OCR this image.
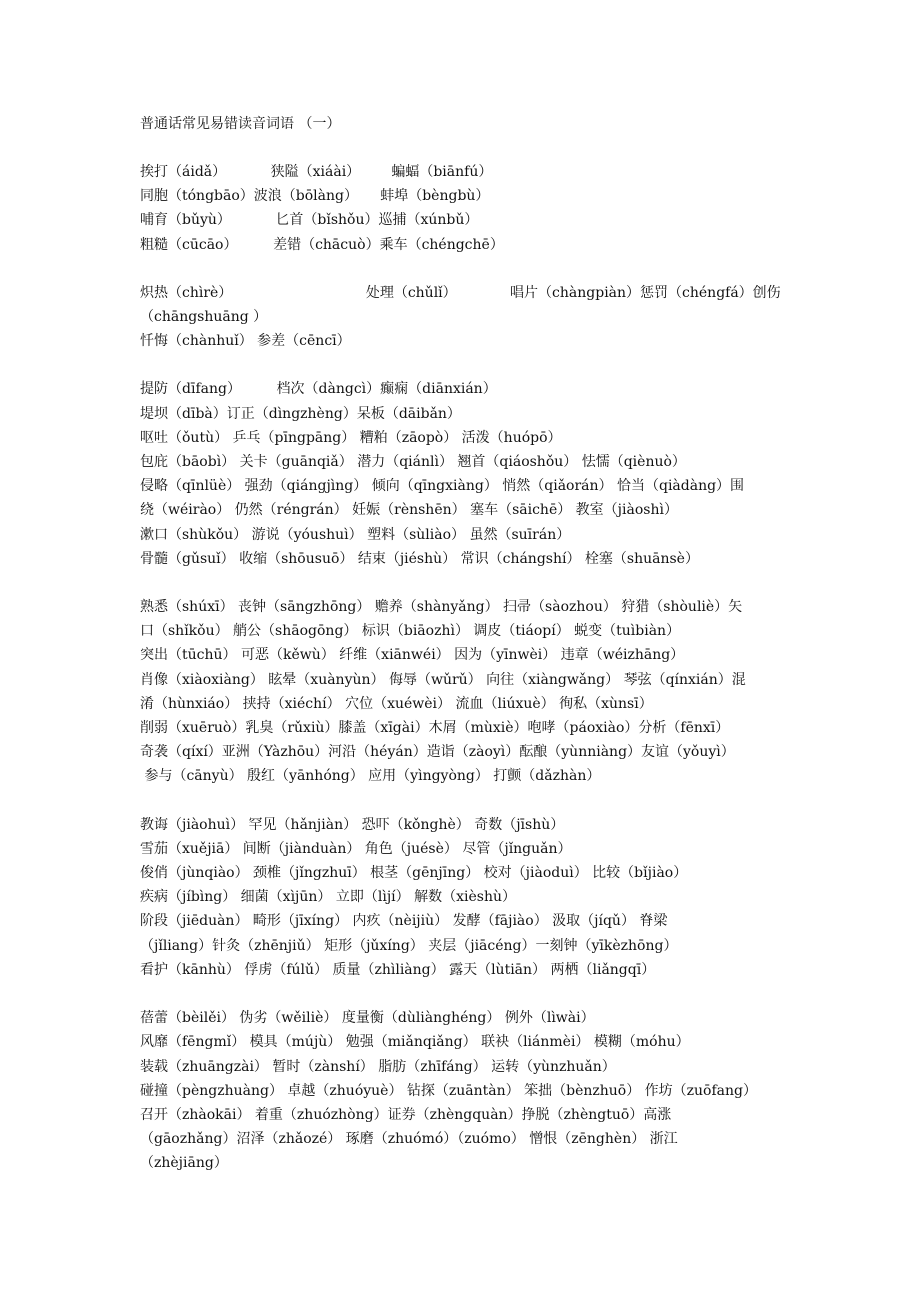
普通话常见易错读音词语 （一）
挨打（áidǎ）          狭隘（xiáài）       蝙蝠（biānfú）
同胞（tóngbāo）波浪（bōlàng）     蚌埠（bèngbù）
哺育（bǔyù）          匕首（bǐshǒu）巡捕（xúnbǔ）
粗糙（cūcāo）        差错（chācuò）乘车（chéngchē）
炽热（chìrè）                              处理（chǔlǐ）            唱片（chàngpiàn）惩罚（chéngfá）创伤
（chāngshuāng ）
忏悔（chànhuǐ） 参差（cēncī）
提防（dīfang）        档次（dàngcì）癫痫（diānxián）
堤坝（dībà）订正（dìngzhèng）呆板（dāibǎn）
呕吐（ǒutù） 乒乓（pīngpāng） 糟粕（zāopò） 活泼（huópō）
包庇（bāobì） 关卡（guānqiǎ） 潜力（qiánlì） 翘首（qiáoshǒu） 怯懦（qiènuò）
侵略（qīnlüè） 强劲（qiángjìng） 倾向（qīngxiàng） 悄然（qiǎorán） 恰当（qiàdàng）围
绕（wéirào） 仍然（réngrán） 妊娠（rènshēn） 塞车（sāichē） 教室（jiàoshì）
漱口（shùkǒu） 游说（yóushuì） 塑料（sùliào） 虽然（suīrán）
骨髓（gǔsuǐ） 收缩（shōusuō） 结束（jiéshù） 常识（chángshí） 栓塞（shuānsè）
熟悉（shúxī） 丧钟（sāngzhōng） 赡养（shànyǎng） 扫帚（sàozhou） 狩猎（shòuliè）矢
口（shǐkǒu） 艄公（shāogōng） 标识（biāozhì） 调皮（tiáopí） 蜕变（tuìbiàn）
突出（tūchū） 可恶（kěwù） 纤维（xiānwéi） 因为（yīnwèi） 违章（wéizhāng）
肖像（xiàoxiàng） 眩晕（xuànyùn） 侮辱（wǔrǔ） 向往（xiàngwǎng） 琴弦（qínxián）混
淆（hùnxiáo） 挟持（xiéchí） 穴位（xuéwèi） 流血（liúxuè） 徇私（xùnsī）
削弱（xuēruò）乳臭（rǔxiù）膝盖（xīgài）木屑（mùxiè）咆哮（páoxiào）分析（fēnxī）
奇袭（qíxí）亚洲（Yàzhōu）河沿（héyán）造诣（zàoyì）酝酿（yùnniàng）友谊（yǒuyì）
参与（cānyù） 殷红（yānhóng） 应用（yìngyòng） 打颤（dǎzhàn）
教诲（jiàohuì） 罕见（hǎnjiàn） 恐吓（kǒnghè） 奇数（jīshù）
雪茄（xuějiā） 间断（jiànduàn） 角色（juésè） 尽管（jǐnguǎn）
俊俏（jùnqiào） 颈椎（jǐngzhuī） 根茎（gēnjīng） 校对（jiàoduì） 比较（bǐjiào）
疾病（jíbìng） 细菌（xìjūn） 立即（lìjí） 解数（xièshù）
阶段（jiēduàn） 畸形（jīxíng） 内疚（nèijiù） 发酵（fājiào） 汲取（jíqǔ） 脊梁
（jǐliang）针灸（zhēnjiǔ） 矩形（jǔxíng） 夹层（jiācéng）一刻钟（yīkèzhōng）
看护（kānhù） 俘虏（fúlǔ） 质量（zhìliàng） 露天（lùtiān） 两栖（liǎngqī）
蓓蕾（bèilěi） 伪劣（wěiliè） 度量衡（dùliànghéng） 例外（lìwài）
风靡（fēngmǐ） 模具（mújù） 勉强（miǎnqiǎng） 联袂（liánmèi） 模糊（móhu）
装载（zhuāngzài） 暂时（zànshí） 脂肪（zhīfáng） 运转（yùnzhuǎn）
碰撞（pèngzhuàng） 卓越（zhuóyuè） 钻探（zuāntàn） 笨拙（bènzhuō） 作坊（zuōfang）
召开（zhàokāi） 着重（zhuózhòng）证券（zhèngquàn）挣脱（zhèngtuō）高涨
（gāozhǎng）沼泽（zhǎozé） 琢磨（zhuómó）（zuómo） 憎恨（zēnghèn） 浙江
（zhèjiāng）
